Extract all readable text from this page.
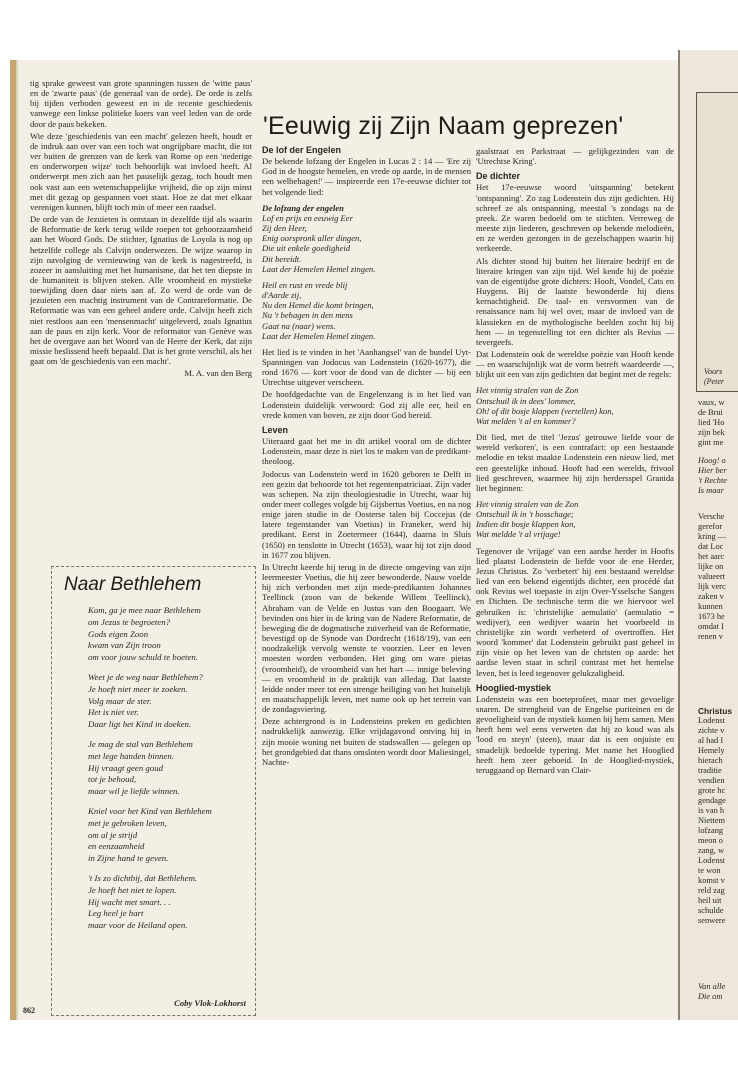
tig sprake geweest van grote spanningen tussen de 'witte paus' en de 'zwarte paus' (de generaal van de orde). De orde is zelfs bij tijden verboden geweest en in de recente geschiedenis vanwege een linkse politieke koers van veel leden van de orde door de paus bekeken.

Wie deze 'geschiedenis van een macht' gelezen heeft, houdt er de indruk aan over van een toch wat ongrijpbare macht, die tot ver buiten de grenzen van de kerk van Rome op een 'nederige en onderworpen wijze' toch behoorlijk wat invloed heeft. Al onderwerpt men zich aan het pauselijk gezag, toch houdt men ook vast aan een wetenschappelijke vrijheid, die op zijn minst met dit gezag op gespannen voet staat. Hoe ze dat met elkaar verenigen kunnen, blijft toch min of meer een raadsel.

De orde van de Jezuieten is ontstaan in dezelfde tijd als waarin de Reformatie de kerk terug wilde roepen tot gehoorzaamheid aan het Woord Gods. De stichter, Ignatius de Loyola is nog op hetzelfde college als Calvijn onderwezen. De wijze waarop in zijn navolging de vernieuwing van de kerk is nagestreefd, is zozeer in aansluiting met het humanisme, dat het ten diepste in de humaniteit is blijven steken. Alle vroomheid en mystieke toewijding doen daar niets aan af. Zo werd de orde van de jezuieten een machtig instrument van de Contrareformatie. De Reformatie was van een geheel andere orde. Calvijn heeft zich niet restloos aan een 'mensenmacht' uitgeleverd, zoals Ignatius aan de paus en zijn kerk. Voor de reformator van Genève was het de overgave aan het Woord van de Heere der Kerk, dat zijn missie beslissend heeft bepaald. Dat is het grote verschil, als het gaat om 'de geschiedenis van een macht'.

M. A. van den Berg
Naar Bethlehem
Kom, ga je mee naar Bethlehem
om Jezus te begroeten?
Gods eigen Zoon
kwam van Zijn troon
om voor jouw schuld te boeten.
Weet je de weg naar Bethlehem?
Je hoeft niet meer te zoeken.
Volg maar de ster.
Het is niet ver.
Daar ligt het Kind in doeken.
Je mag de stal van Bethlehem
met lege handen binnen.
Hij vraagt geen goud
tot je behoud,
maar wil je liefde winnen.
Kniel voor het Kind van Bethlehem
met je gebroken leven,
om al je strijd
en eenzaamheid
in Zijne hand te geven.
't Is zo dichtbij, dat Bethlehem.
Je hoeft het niet te lopen.
Hij wacht met smart. . .
Leg heel je hart
maar voor de Heiland open.
Coby Vlok-Lokhorst
'Eeuwig zij Zijn Naam geprezen'
De lof der Engelen

De bekende lofzang der Engelen in Lucas 2 : 14 — 'Ere zij God in de hoogste hemelen, en vrede op aarde, in de mensen een welbehagen!' — inspireerde een 17e-eeuwse dichter tot het volgende lied:

De lofzang der engelen
Lof en prijs en eeuwig Eer
Zij den Heer,
Enig oorspronk aller dingen,
Die uit enkele goedigheid
Dit bereidt.
Laat der Hemelen Hemel zingen.
Heil en rust en vrede blij
d'Aarde zij,
Nu den Hemel die komt bringen,
Nu 't behagen in den mens
Gaat na (naar) wens.
Laat der Hemelen Hemel zingen.

Het lied is te vinden in het 'Aanhangsel' van de bundel Uyt-Spanningen van Jodocus van Lodenstein (1620-1677), die rond 1676 — kort voor de dood van de dichter — bij een Utrechtse uitgever verscheen.

De hoofdgedachte van de Engelenzang is in het lied van Lodenstein duidelijk verwoord: God zij alle eer, heil en vrede komen van boven, ze zijn door God bereid.

Leven

Uiteraard gaat het me in dit artikel vooral om de dichter Lodenstein, maar deze is niet los te maken van de predikant-theoloog.

Jodocus van Lodenstein werd in 1620 geboren te Delft in een gezin dat behoorde tot het regentenpatriciaat. Zijn vader was schepen. Na zijn theologiestudie in Utrecht, waar hij onder meer colleges volgde bij Gijsbertus Voetius, en na nog enige jaren studie in de Oosterse talen bij Coccejus (de latere tegenstander van Voetius) in Franeker, werd hij predikant. Eerst in Zoetermeer (1644), daarna in Sluis (1650) en tenslotte in Utrecht (1653), waar hij tot zijn dood in 1677 zou blijven.

In Utrecht keerde hij terug in de directe omgeving van zijn leermeester Voetius, die hij zeer bewonderde. Nauw voelde hij zich verbonden met zijn mede-predikanten Johannes Teellinck (zoon van de bekende Willem Teellinck), Abraham van de Velde en Justus van den Boogaart. We bevinden ons hier in de kring van de Nadere Reformatie, de beweging die de dogmatische zuiverheid van de Reformatie, bevestigd op de Synode van Dordrecht (1618/19), van een noodzakelijk vervolg wenste te voorzien. Leer en leven moesten worden verbonden. Het ging om ware pietas (vroomheid), de vroomheid van het hart — innige beleving — en vroomheid in de praktijk van alledag. Dat laatste leidde onder meer tot een strenge heiliging van het huiselijk en maatschappelijk leven, met name ook op het terrein van de zondagsviering.

Deze achtergrond is in Lodensteins preken en gedichten nadrukkelijk aanwezig. Elke vrijdagavond ontving hij in zijn mooie woning net buiten de stadswallen — gelegen op het grondgebied dat thans omsloten wordt door Maliesingel, Nachte-

gaalstraat en Parkstraat — gelijkgezinden van de 'Utrechtse Kring'.

De dichter

Het 17e-eeuwse woord 'uitspanning' betekent 'ontspanning'. Zo zag Lodenstein dus zijn gedichten. Hij schreef ze als ontspanning, meestal 's zondags na de preek. Ze waren bedoeld om te stichten. Verreweg de meeste zijn liederen, geschreven op bekende melodieën, en ze werden gezongen in de gezelschappen waarin hij verkeerde.

Als dichter stond hij buiten het literaire bedrijf en de literaire kringen van zijn tijd. Wel kende hij de poëzie van de eigentijdse grote dichters: Hooft, Vondel, Cats en Huygens. Bij de laatste bewonderde hij diens kernachtigheid. De taal- en versvormen van de renaissance nam hij wel over, maar de invloed van de klassieken en de mythologische beelden zocht hij bij hem — in tegenstelling tot een dichter als Revius — tevergeefs.

Dat Lodenstein ook de wereldse poëzie van Hooft kende — en waarschijnlijk wat de vorm betreft waardeerde —, blijkt uit een van zijn gedichten dat begint met de regels:

Het vinnig stralen van de Zon
Ontschuil ik in dees' lommer,
Oh! of dit bosje klappen (vertellen) kon,
Wat melden 't al en kommer?

Dit lied, met de titel 'Jezus' getrouwe liefde voor de wereld verkoren', is een contrafact: op een bestaande melodie en tekst maakte Lodenstein een nieuw lied, met een geestelijke inhoud. Hooft had een werelds, frivool lied geschreven, waarmee hij zijn herdersspel Granida liet beginnen:

Het vinnig stralen van de Zon
Ontschuil ik in 't bosschage;
Indien dit bosje klappen kon,
Wat meldde 't al vrijage!

Tegenover de 'vrijage' van een aardse herder in Hoofts lied plaatst Lodenstein de liefde voor de ene Herder, Jezus Christus. Zo 'verbetert' hij een bestaand wereldse lied van een bekend eigentijds dichter, een procédé dat ook Revius wel toepaste in zijn Over-Ysselsche Sangen en Dichten. De technische term die we hiervoor wel gebruiken is: 'christelijke aemulatio' (aemulatio = wedijver), een wedijver waarin het voorbeeld in christelijke zin wordt verbeterd of overtroffen. Het woord 'kommer' dat Lodenstein gebruikt past geheel in zijn visie op het leven van de christen op aarde: het aardse leven staat in schril contrast met het hemelse leven, het is leed tegenover gelukzaligheid.

Hooglied-mystiek

Lodenstein was een boeteprofeet, maar met gevoelige snaren. De strengheid van de Engelse puriteinen en de gevoeligheid van de mystiek komen bij hem samen. Men heeft hem wel eens verweten dat hij zo koud was als 'lood en steyn' (steen), maar dat is een onjuiste en smadelijk bedoelde typering. Met name het Hooglied heeft hem zeer geboeid. In de Hooglied-mystiek, teruggaand op Bernard van Clair-

862
Voors
(Peter
vaux, w
de Brui
lied 'Ho
zijn bek
gint me
Hoog! o
Hier ber
't Rechte
Is maar
Versche
gerefor
kring —
dat Loc
het aarc
lijke on
valueert
lijk verc
zaken v
kunnen
1673 he
omdat I
renen v
Christus
Lodenst
zichte v
al had I
Hemely
hierach
traditie
vendien
grote hc
gendage
is van h
Niettem
lofzang
meon o
zang, w
Lodenst
te won
komst v
reld zag
heil uit
schulde
senwere
Van alle
Die om
